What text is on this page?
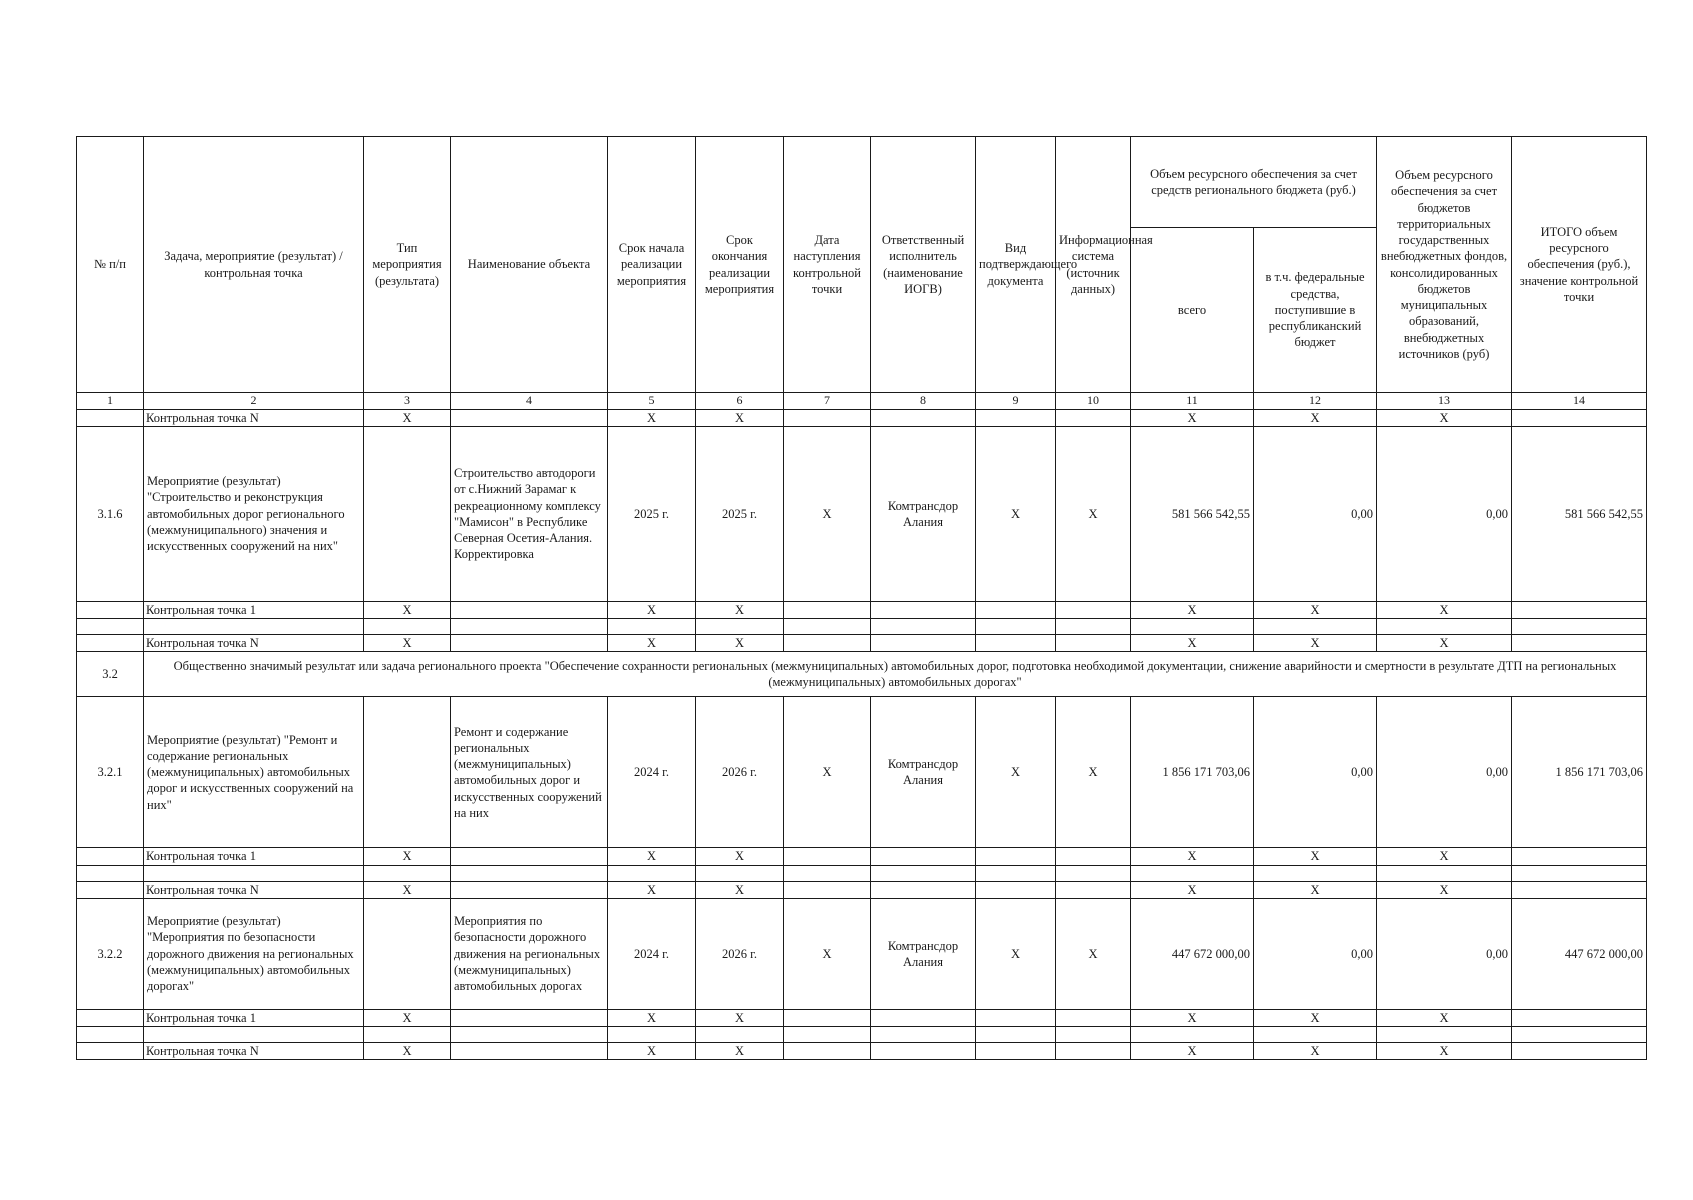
№ п/п	Задача, мероприятие (результат) / контрольная точка	Тип мероприятия (результата)	Наименование объекта	Срок начала реализации мероприятия	Срок окончания реализации мероприятия	Дата наступления контрольной точки	Ответственный исполнитель (наименование ИОГВ)	Вид подтверждающего документа	Информационная система (источник данных)	Объем ресурсного обеспечения за счет средств регионального бюджета (руб.)		Объем ресурсного обеспечения за счет бюджетов территориальных государственных внебюджетных фондов, консолидированных бюджетов муниципальных образований, внебюджетных источников (руб)	ИТОГО объем ресурсного обеспечения (руб.), значение контрольной точки
										всего	в т.ч. федеральные средства, поступившие в республиканский бюджет		
1	2	3	4	5	6	7	8	9	10	11	12	13	14
	Контрольная точка N	X		X	X					X	X	X	
3.1.6	Мероприятие (результат) "Строительство и реконструкция автомобильных дорог регионального (межмуниципального) значения и искусственных сооружений на них"		Строительство автодороги от с.Нижний Зарамаг к рекреационному комплексу "Мамисон" в Республике Северная Осетия-Алания. Корректировка	2025 г.	2025 г.	X	Комтрансдор Алания	X	X	581 566 542,55	0,00	0,00	581 566 542,55
	Контрольная точка 1	X		X	X					X	X	X	

	Контрольная точка N	X		X	X					X	X	X	
3.2	Общественно значимый результат или задача регионального проекта "Обеспечение сохранности региональных (межмуниципальных) автомобильных дорог, подготовка необходимой документации, снижение аварийности и смертности в результате ДТП на региональных (межмуниципальных) автомобильных дорогах"												
3.2.1	Мероприятие (результат) "Ремонт и содержание региональных (межмуниципальных) автомобильных дорог и искусственных сооружений на них"		Ремонт и содержание региональных (межмуниципальных) автомобильных дорог и искусственных сооружений на них	2024 г.	2026 г.	X	Комтрансдор Алания	X	X	1 856 171 703,06	0,00	0,00	1 856 171 703,06
	Контрольная точка 1	X		X	X					X	X	X	

	Контрольная точка N	X		X	X					X	X	X	
3.2.2	Мероприятие (результат) "Мероприятия по безопасности дорожного движения на региональных (межмуниципальных) автомобильных дорогах"		Мероприятия по безопасности дорожного движения на региональных (межмуниципальных) автомобильных дорогах	2024 г.	2026 г.	X	Комтрансдор Алания	X	X	447 672 000,00	0,00	0,00	447 672 000,00
	Контрольная точка 1	X		X	X					X	X	X	

	Контрольная точка N	X		X	X					X	X	X	
